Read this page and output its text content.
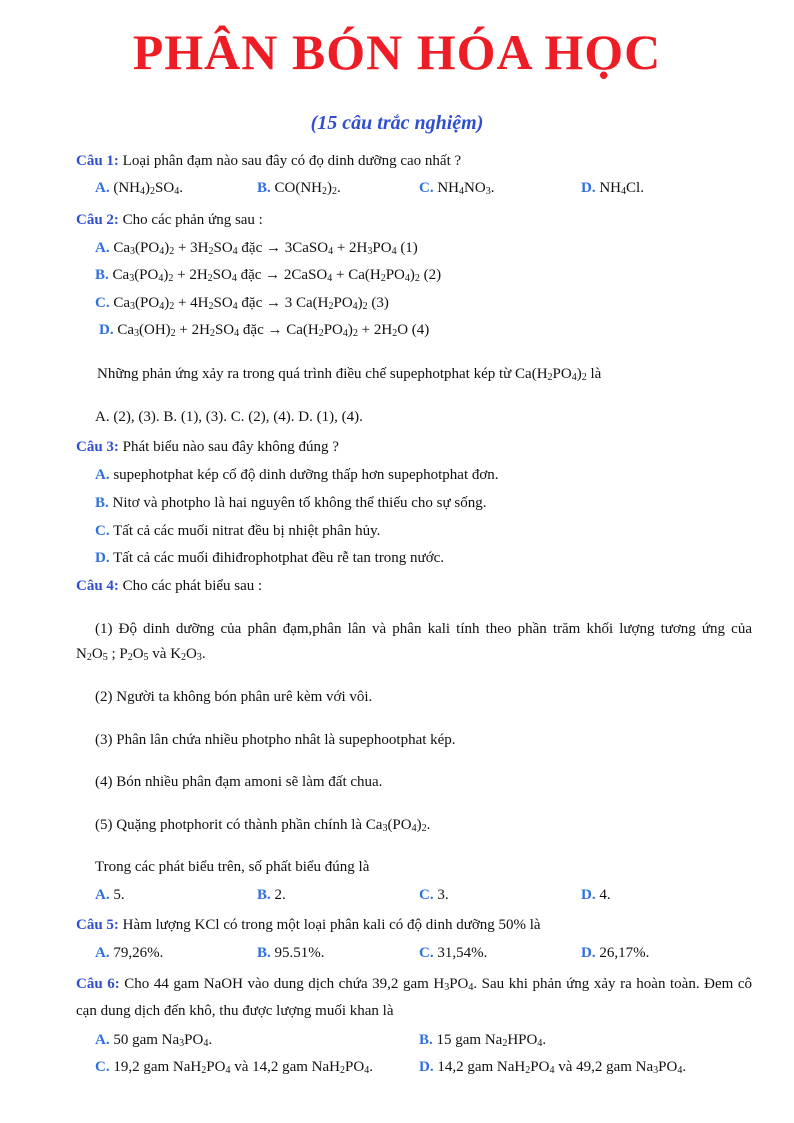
PHÂN BÓN HÓA HỌC
(15 câu trắc nghiệm)
Câu 1: Loại phân đạm nào sau đây có đọ dinh dưỡng cao nhất ?
A. $(NH_4)_2SO_4$.	B. $CO(NH_2)_2$.	C. $NH_4NO_3$.	D. $NH_4Cl$.
Câu 2: Cho các phản ứng sau :
A. $Ca_3(PO_4)_2 + 3H_2SO_4$ đặc → 3CaSO$_4$ + $2H_3PO_4$ (1)
B. $Ca_3(PO_4)_2 + 2H_2SO_4$ đặc → 2CaSO$_4$ + $Ca(H_2PO_4)_2$ (2)
C. $Ca_3(PO_4)_2 + 4H_2SO_4$ đặc → 3 $Ca(H_2PO_4)_2$ (3)
D. $Ca_3(OH)_2 + 2H_2SO_4$ đặc → $Ca(H_2PO_4)_2 + 2H_2O$ (4)
Những phản ứng xảy ra trong quá trình điều chế supephotphat kép từ $Ca(H_2PO_4)_2$ là
A. (2), (3). B. (1), (3). C. (2), (4). D. (1), (4).
Câu 3: Phát biểu nào sau đây không đúng ?
A. supephotphat kép cố độ dinh dưỡng thấp hơn supephotphat đơn.
B. Nitơ và photpho là hai nguyên tố không thể thiếu cho sự sống.
C. Tất cả các muối nitrat đều bị nhiệt phân hủy.
D. Tất cả các muối đihiđrophotphat đều rễ tan trong nước.
Câu 4: Cho các phát biểu sau :
(1) Độ dinh dưỡng của phân đạm,phân lân và phân kali tính theo phần trăm khối lượng tương ứng của
$N_2O_5$ ; $P_2O_5$ và $K_2O_3$.
(2) Người ta không bón phân urê kèm với vôi.
(3) Phân lân chứa nhiều photpho nhât là supephootphat kép.
(4) Bón nhiều phân đạm amoni sẽ làm đất chua.
(5) Quặng photphorit có thành phần chính là $Ca_3(PO_4)_2$.
Trong các phát biểu trên, số phất biểu đúng là
A. 5.	B. 2.	C. 3.	D. 4.
Câu 5: Hàm lượng KCl có trong một loại phân kali có độ dinh dưỡng 50% là
A. 79,26%.	B. 95.51%.	C. 31,54%.	D. 26,17%.
Câu 6: Cho 44 gam NaOH vào dung dịch chứa 39,2 gam $H_3PO_4$. Sau khi phản ứng xảy ra hoàn toàn. Đem cô
cạn dung dịch đến khô, thu được lượng muối khan là
A. 50 gam $Na_3PO_4$.	B. 15 gam $Na_2HPO_4$.
C. 19,2 gam $NaH_2PO_4$ và 14,2 gam $NaH_2PO_4$.	D. 14,2 gam $NaH_2PO_4$ và 49,2 gam $Na_3PO_4$.
